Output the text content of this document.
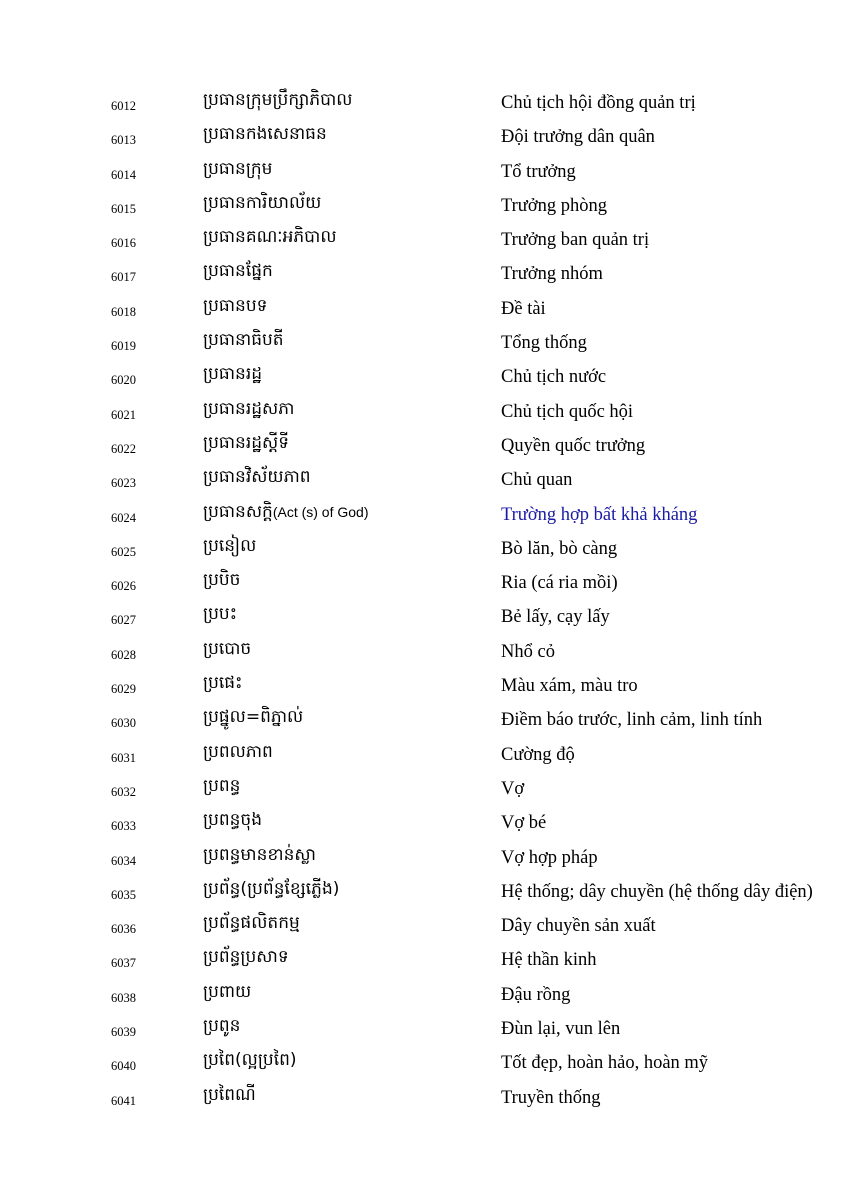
6012	ប្រធានក្រុមប្រឹក្សាភិបាល	Chủ tịch hội đồng quản trị
6013	ប្រធានកងសេនាធន	Đội trưởng dân quân
6014	ប្រធានក្រុម	Tổ trưởng
6015	ប្រធានការិយាល័យ	Trưởng phòng
6016	ប្រធានគណៈអភិបាល	Trưởng ban quản trị
6017	ប្រធានផ្នែក	Trưởng nhóm
6018	ប្រធានបទ	Đề tài
6019	ប្រធានាធិបតី	Tổng thống
6020	ប្រធានរដ្ឋ	Chủ tịch nước
6021	ប្រធានរដ្ឋសភា	Chủ tịch quốc hội
6022	ប្រធានរដ្ឋស្តីទី	Quyền quốc trưởng
6023	ប្រធានវិស័យភាព	Chủ quan
6024	ប្រធានសក្តិ(Act (s) of God)	Trường hợp bất khả kháng
6025	ប្រនៀល	Bò lăn, bò càng
6026	ប្របិច	Ria (cá ria mồi)
6027	ប្របះ	Bẻ lấy, cạy lấy
6028	ប្របោច	Nhổ cỏ
6029	ប្រផេះ	Màu xám, màu tro
6030	ប្រផ្នូល=ពិភ្នាល់	Điềm báo trước, linh cảm, linh tính
6031	ប្រពលភាព	Cường độ
6032	ប្រពន្ធ	Vợ
6033	ប្រពន្ធចុង	Vợ bé
6034	ប្រពន្ធមានខាន់ស្លា	Vợ hợp pháp
6035	ប្រព័ន្ធ(ប្រព័ន្ធខ្សែភ្លើង)	Hệ thống; dây chuyền (hệ thống dây điện)
6036	ប្រព័ន្ធផលិតកម្ម	Dây chuyền sản xuất
6037	ប្រព័ន្ធប្រសាទ	Hệ thần kinh
6038	ប្រពាយ	Đậu rồng
6039	ប្រពូន	Đùn lại, vun lên
6040	ប្រពៃ(ល្អប្រពៃ)	Tốt đẹp, hoàn hảo, hoàn mỹ
6041	ប្រពៃណី	Truyền thống
